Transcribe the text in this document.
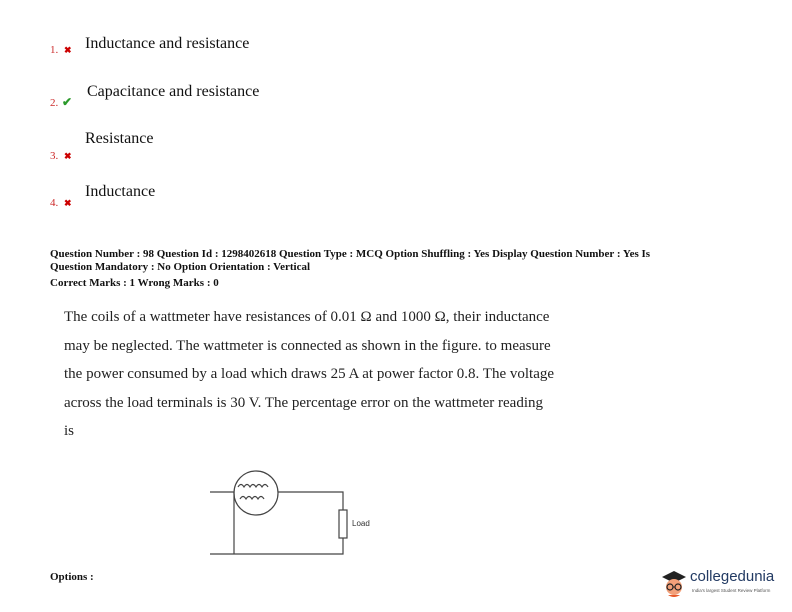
1. ✖ Inductance and resistance
2. ✔
Capacitance and resistance
3. ✖
Resistance
4. ✖
Inductance
Question Number : 98 Question Id : 1298402618 Question Type : MCQ Option Shuffling : Yes Display Question Number : Yes Is
Question Mandatory : No Option Orientation : Vertical
Correct Marks : 1 Wrong Marks : 0
The coils of a wattmeter have resistances of 0.01 Ω and 1000 Ω, their inductance
may be neglected. The wattmeter is connected as shown in the figure. to measure
the power consumed by a load which draws 25 A at power factor 0.8. The voltage
across the load terminals is 30 V. The percentage error on the wattmeter reading
is
Load
Options :	collegedunia
India's largest Student Review Platform
